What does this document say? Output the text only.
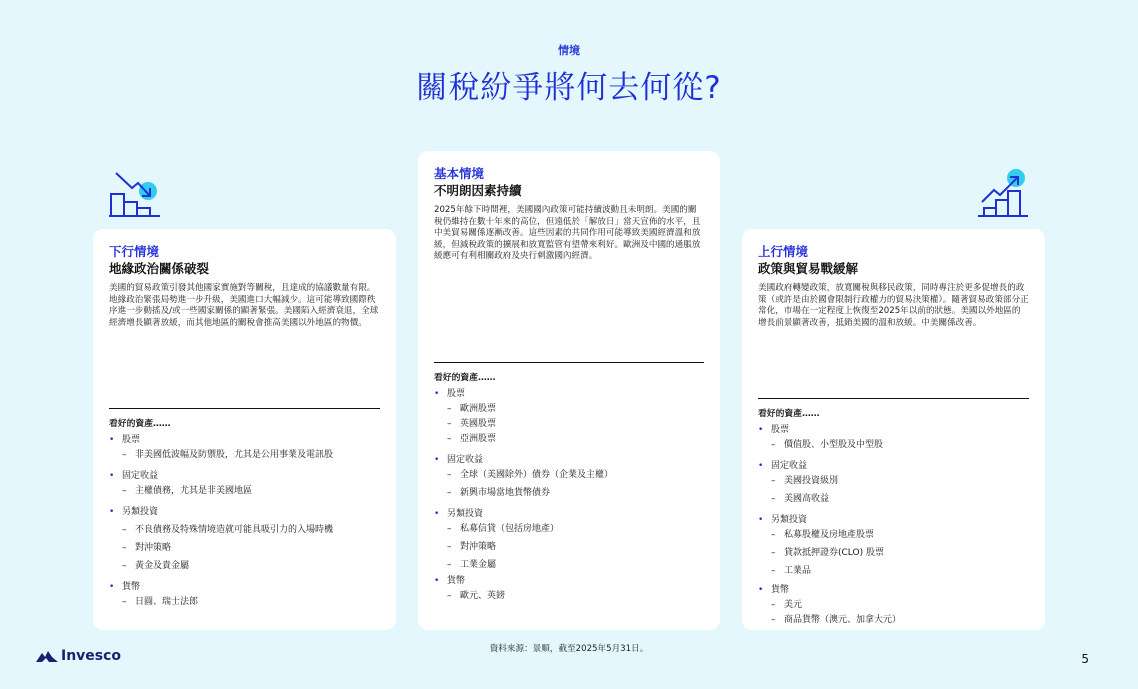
情境
關稅紛爭將何去何從?
下行情境
地緣政治關係破裂
美國的貿易政策引發其他國家實施對等關稅，且達成的協議數量有限。地緣政治緊張局勢進一步升級，美國進口大幅減少。這可能導致國際秩序進一步動搖及/或一些國家關係的顯著緊張。美國陷入經濟衰退，全球經濟增長顯著放緩，而其他地區的關稅會推高美國以外地區的物價。
看好的資產……
• 股票
– 非美國低波幅及防禦股，尤其是公用事業及電訊股
• 固定收益
– 主權債務，尤其是非美國地區
• 另類投資
– 不良債務及特殊情境造就可能具吸引力的入場時機
– 對沖策略
– 黃金及貴金屬
• 貨幣
– 日圓、瑞士法郎
基本情境
不明朗因素持續
2025年餘下時間裡，美國國內政策可能持續波動且未明朗。美國的關稅仍維持在數十年來的高位，但遠低於「解放日」當天宣佈的水平，且中美貿易關係逐漸改善。這些因素的共同作用可能導致美國經濟溫和放緩，但減稅政策的擴展和放寬監管有望帶來利好。歐洲及中國的通脹放緩應可有利相關政府及央行刺激國內經濟。
看好的資產……
• 股票
– 歐洲股票
– 英國股票
– 亞洲股票
• 固定收益
– 全球（美國除外）債券（企業及主權）
– 新興市場當地貨幣債券
• 另類投資
– 私募信貸（包括房地產）
– 對沖策略
– 工業金屬
• 貨幣
– 歐元、英鎊
上行情境
政策與貿易戰緩解
美國政府轉變政策，放寬關稅與移民政策，同時專注於更多促增長的政策（或許是由於國會限制行政權力的貿易決策權）。隨著貿易政策部分正常化，市場在一定程度上恢復至2025年以前的狀態。美國以外地區的增長前景顯著改善，抵銷美國的溫和放緩。中美關係改善。
看好的資產……
• 股票
– 價值股、小型股及中型股
• 固定收益
– 美國投資級別
– 美國高收益
• 另類投資
– 私募股權及房地產股票
– 貸款抵押證券(CLO) 股票
– 工業品
• 貨幣
– 美元
– 商品貨幣（澳元、加拿大元）
Invesco	資料來源：景順，截至2025年5月31日。
5
